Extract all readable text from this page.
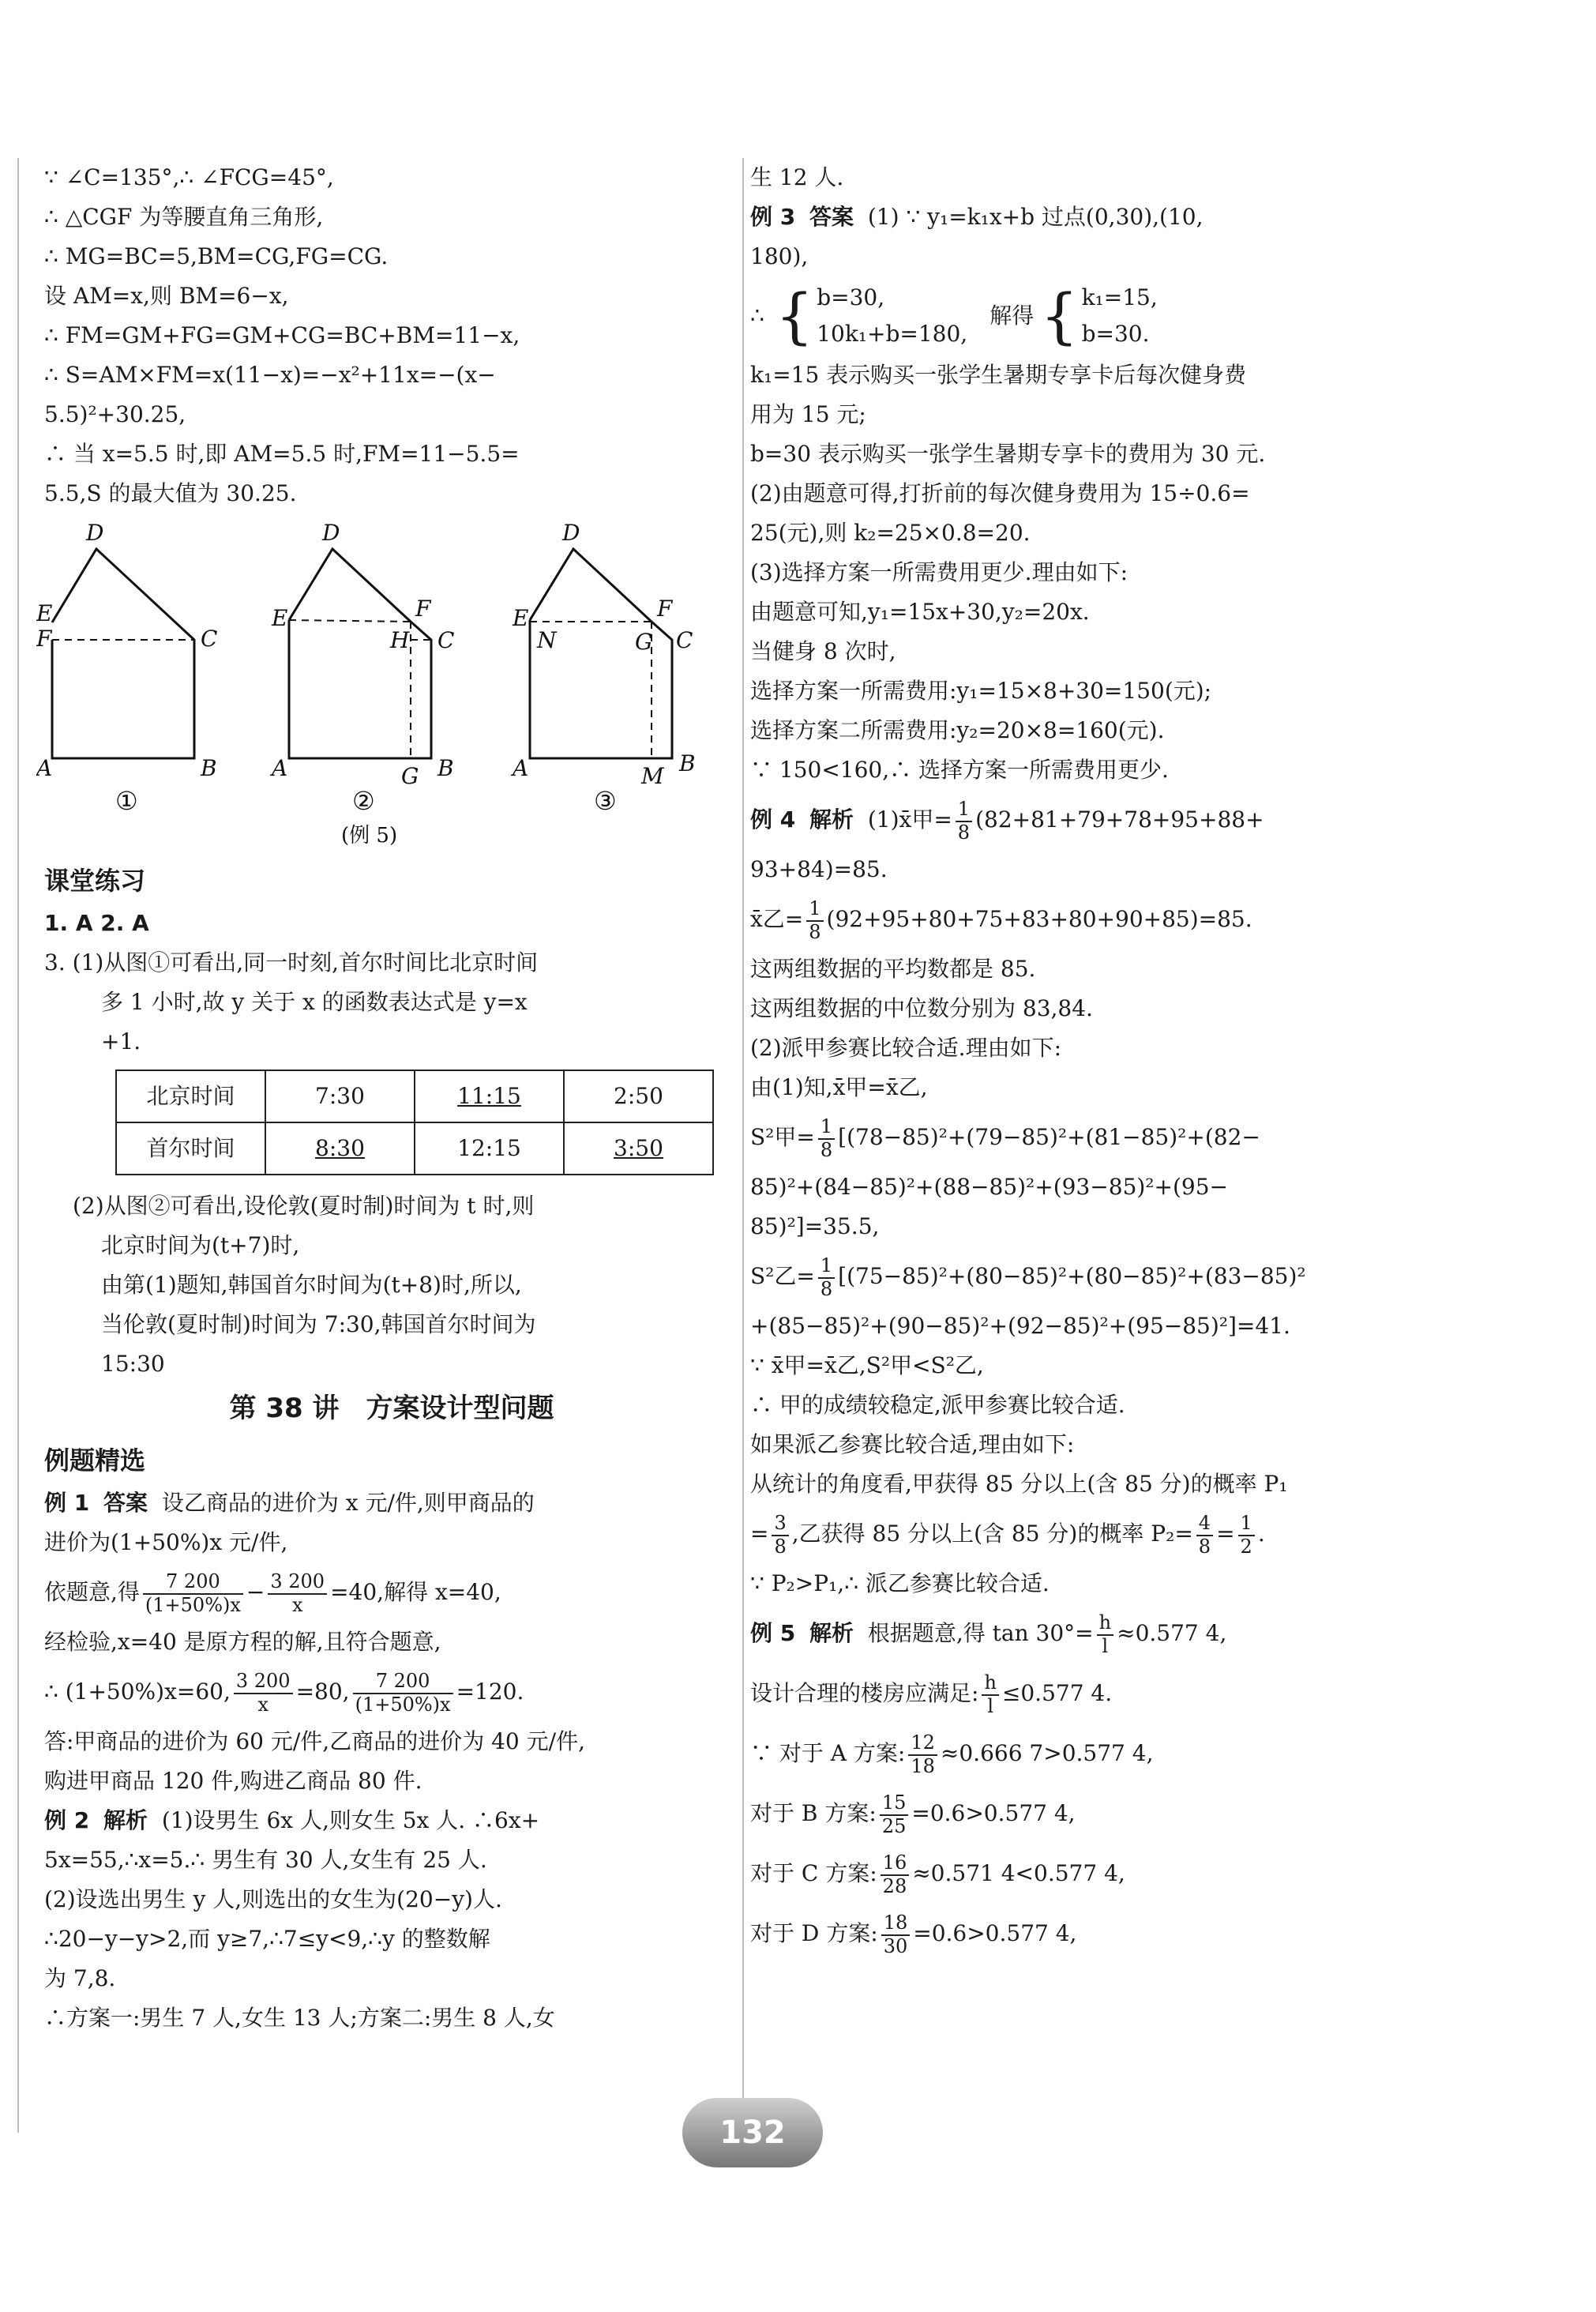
∵ ∠C=135°,∴ ∠FCG=45°,
∴ △CGF 为等腰直角三角形,
∴ MG=BC=5,BM=CG,FG=CG.
设 AM=x,则 BM=6−x,
∴ FM=GM+FG=GM+CG=BC+BM=11−x,
∴ S=AM×FM=x(11−x)=−x²+11x=−(x−
5.5)²+30.25,
∴ 当 x=5.5 时,即 AM=5.5 时,FM=11−5.5=
5.5,S 的最大值为 30.25.
D
E
F	C
A	B
①
D
E	F
H C
A	G B
②
D
E	F
N	G C
A	M B
③
(例 5)
课堂练习
1. A 2. A
3. (1)从图①可看出,同一时刻,首尔时间比北京时间
多 1 小时,故 y 关于 x 的函数表达式是 y=x
+1.
北京时间	7:30	11:15	2:50
首尔时间	8:30	12:15	3:50
(2)从图②可看出,设伦敦(夏时制)时间为 t 时,则
北京时间为(t+7)时,
由第(1)题知,韩国首尔时间为(t+8)时,所以,
当伦敦(夏时制)时间为 7:30,韩国首尔时间为
15:30
第 38 讲　方案设计型问题
例题精选
例 1 答案 设乙商品的进价为 x 元/件,则甲商品的
进价为(1+50%)x 元/件,
依题意,得 $\frac{7 200}{(1+50\%)x} - \frac{3 200}{x} =40$,解得 x=40,
经检验,x=40 是原方程的解,且符合题意,
∴ (1+50%)x=60, $\frac{3 200}{x} =80$, $\frac{7 200}{(1+50\%)x} =120$.
答:甲商品的进价为 60 元/件,乙商品的进价为 40 元/件,
购进甲商品 120 件,购进乙商品 80 件.
例 2 解析 (1)设男生 6x 人,则女生 5x 人. ∴6x+
5x=55,∴x=5.∴ 男生有 30 人,女生有 25 人.
(2)设选出男生 y 人,则选出的女生为(20−y)人.
∴20−y−y>2,而 y≥7,∴7≤y<9,∴y 的整数解
为 7,8.
∴方案一:男生 7 人,女生 13 人;方案二:男生 8 人,女
生 12 人.
例 3 答案 (1) ∵ y₁=k₁x+b 过点(0,30),(10,
180),
∴ { b=30,
10k₁+b=180,
解得 { k₁=15,
b=30.
k₁=15 表示购买一张学生暑期专享卡后每次健身费
用为 15 元;
b=30 表示购买一张学生暑期专享卡的费用为 30 元.
(2)由题意可得,打折前的每次健身费用为 15÷0.6=
25(元),则 k₂=25×0.8=20.
(3)选择方案一所需费用更少.理由如下:
由题意可知,y₁=15x+30,y₂=20x.
当健身 8 次时,
选择方案一所需费用:y₁=15×8+30=150(元);
选择方案二所需费用:y₂=20×8=160(元).
∵ 150<160,∴ 选择方案一所需费用更少.
例 4 解析 (1)x̄甲= $\frac{1}{8} (82+81+79+78+95+88+$
93+84)=85.
x̄乙= $\frac{1}{8} (92+95+80+75+83+80+90+85)=85$.
这两组数据的平均数都是 85.
这两组数据的中位数分别为 83,84.
(2)派甲参赛比较合适.理由如下:
由(1)知,x̄甲=x̄乙,
S²甲= $\frac{1}{8} [(78-85)^2+(79-85)^2+(81-85)^2+(82-$
85)²+(84−85)²+(88−85)²+(93−85)²+(95−
85)²]=35.5,
S²乙= $\frac{1}{8} [(75-85)^2+(80-85)^2+(80-85)^2+(83-85)^2$
+(85−85)²+(90−85)²+(92−85)²+(95−85)²]=41.
∵ x̄甲=x̄乙,S²甲<S²乙,
∴ 甲的成绩较稳定,派甲参赛比较合适.
如果派乙参赛比较合适,理由如下:
从统计的角度看,甲获得 85 分以上(含 85 分)的概率 P₁
= $\frac{3}{8}$ ,乙获得 85 分以上(含 85 分)的概率 $P_2= \frac{4}{8} = \frac{1}{2}$ .
∵ P₂>P₁,∴ 派乙参赛比较合适.
例 5 解析 根据题意,得 $\tan 30^\circ= \frac{h}{l} \approx 0.577$ 4,
设计合理的楼房应满足: $\frac{h}{l} \le 0.577$ 4.
∵ 对于 A 方案: $\frac{12}{18} \approx 0.666$ 7>0.577 4,
对于 B 方案: $\frac{15}{25} =0.6>0.577$ 4,
对于 C 方案: $\frac{16}{28} \approx 0.571$ 4<0.577 4,
对于 D 方案: $\frac{18}{30} =0.6>0.577$ 4,
132
